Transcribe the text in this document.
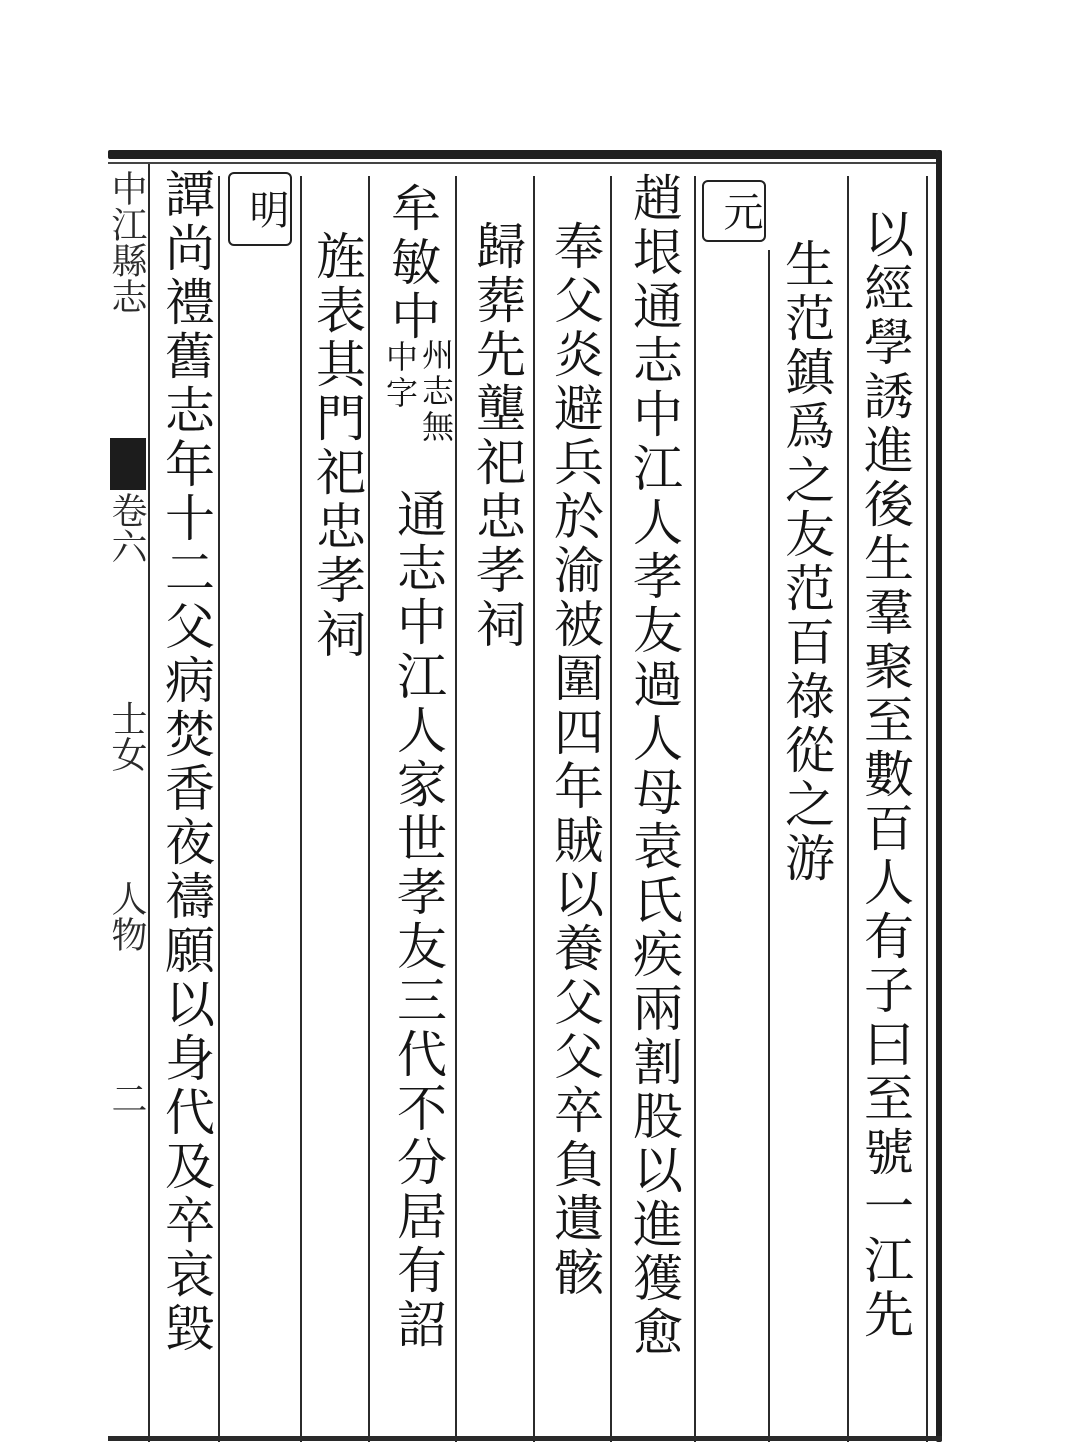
以經學誘進後生羣聚至數百人有子曰至號一江先
生范鎮爲之友范百祿從之游
元
趙垠通志中江人孝友過人母袁氏疾兩割股以進獲愈
奉父炎避兵於渝被圍四年賊以養父父卒負遺骸
歸葬先壟祀忠孝祠
牟敏中
州志無
中字
通志中江人家世孝友三代不分居有詔
旌表其門祀忠孝祠
明
譚尚禮舊志年十二父病焚香夜禱願以身代及卒哀毀
中江縣志
卷六
士女
人物
二
